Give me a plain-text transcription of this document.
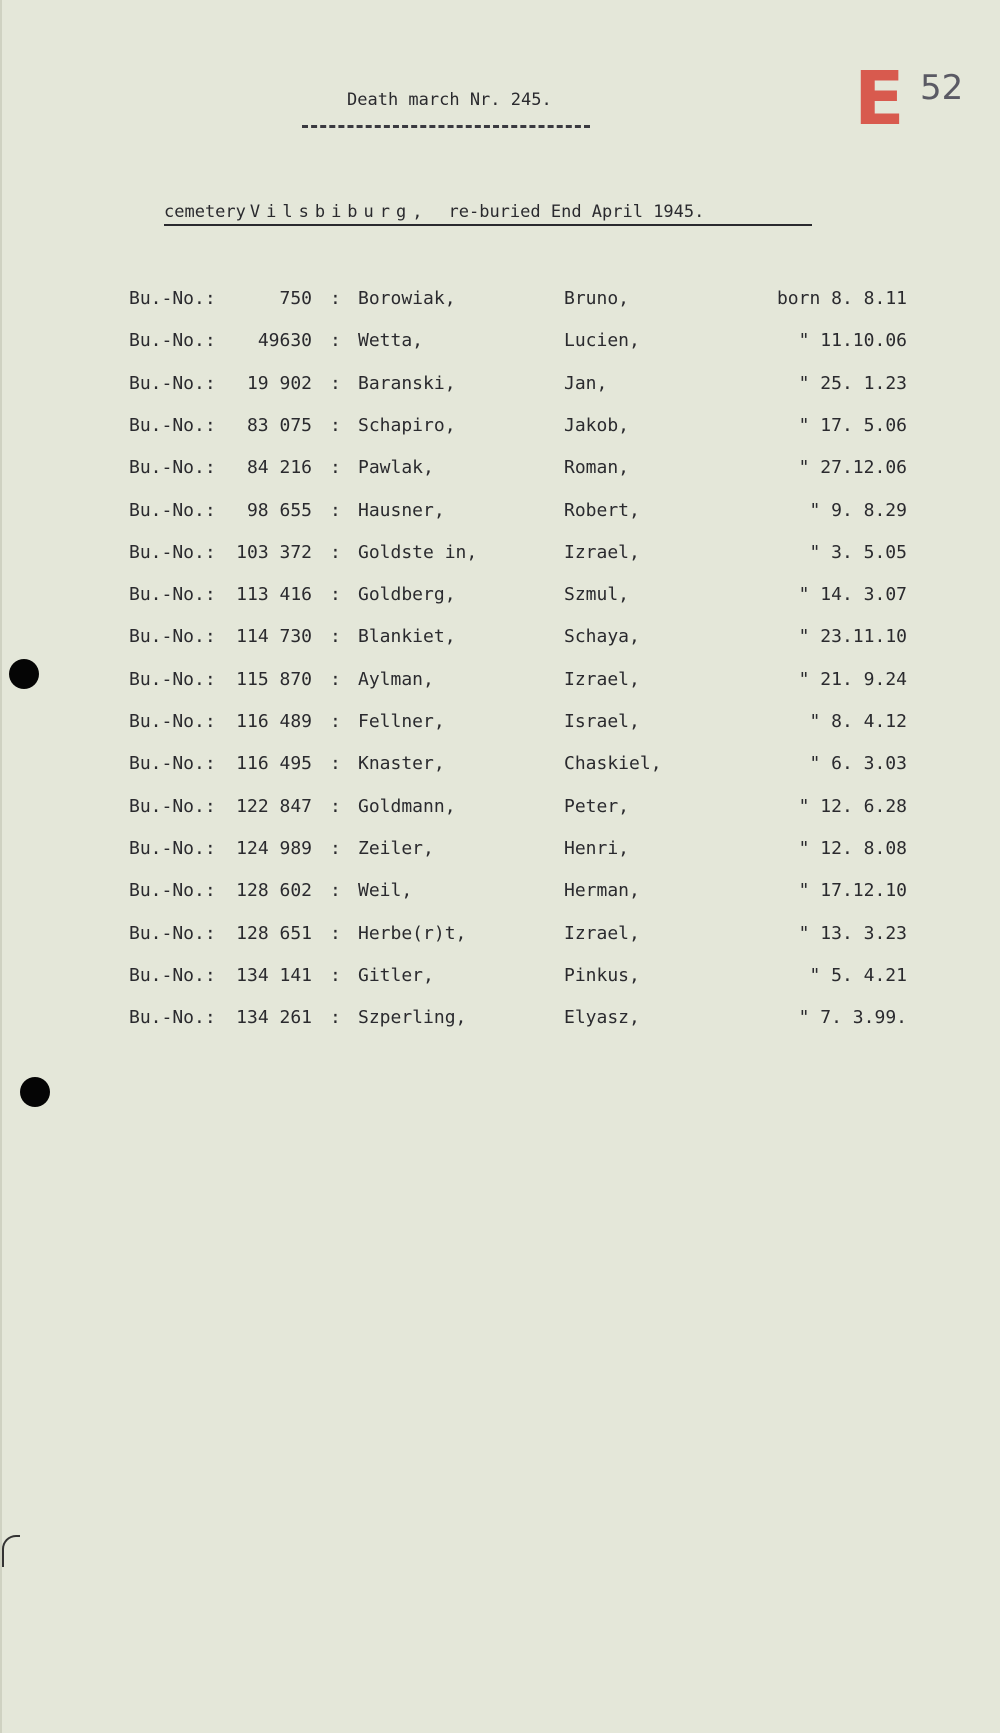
Death march Nr. 245.	E 52
cemetery Vilsbiburg, re-buried End April 1945.
Bu.-No.:	750 : Borowiak,	Bruno,	born 8. 8.11
Bu.-No.:	49630 : Wetta,	Lucien,	" 11.10.06
Bu.-No.:	19 902 : Baranski,	Jan,	" 25. 1.23
Bu.-No.:	83 075 : Schapiro,	Jakob,	" 17. 5.06
Bu.-No.:	84 216 : Pawlak,	Roman,	" 27.12.06
Bu.-No.:	98 655 : Hausner,	Robert,	" 9. 8.29
Bu.-No.:	103 372 : Goldste in,	Izrael,	" 3. 5.05
Bu.-No.:	113 416 : Goldberg,	Szmul,	" 14. 3.07
Bu.-No.:	114 730 : Blankiet,	Schaya,	" 23.11.10
Bu.-No.:	115 870 : Aylman,	Izrael,	" 21. 9.24
Bu.-No.:	116 489 : Fellner,	Israel,	" 8. 4.12
Bu.-No.:	116 495 : Knaster,	Chaskiel,	" 6. 3.03
Bu.-No.:	122 847 : Goldmann,	Peter,	" 12. 6.28
Bu.-No.:	124 989 : Zeiler,	Henri,	" 12. 8.08
Bu.-No.:	128 602 : Weil,	Herman,	" 17.12.10
Bu.-No.:	128 651 : Herbe(r)t,	Izrael,	" 13. 3.23
Bu.-No.:	134 141 : Gitler,	Pinkus,	" 5. 4.21
Bu.-No.:	134 261 : Szperling,	Elyasz,	" 7. 3.99.
